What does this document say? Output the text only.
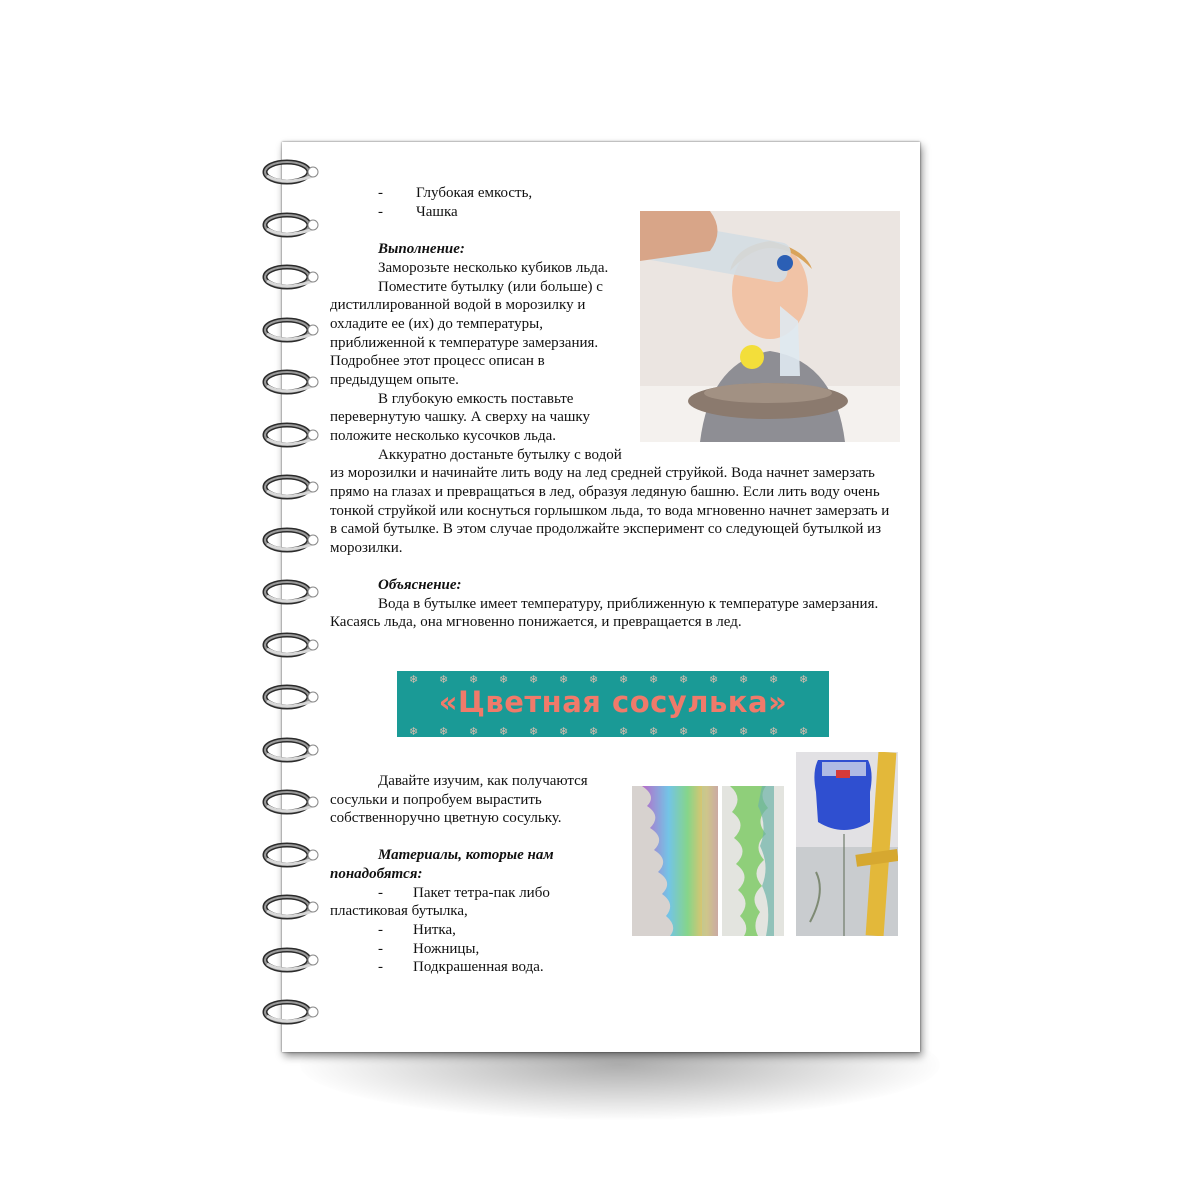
- Глубокая емкость,
- Чашка
Выполнение:
Заморозьте несколько кубиков льда.
Поместите бутылку (или больше) с
дистиллированной водой в морозилку и
охладите ее (их) до температуры,
приближенной к температуре замерзания.
Подробнее этот процесс описан в
предыдущем опыте.
В глубокую емкость поставьте
перевернутую чашку. А сверху на чашку
положите несколько кусочков льда.
Аккуратно достаньте бутылку с водой
из морозилки и начинайте лить воду на лед средней струйкой. Вода начнет замерзать
прямо на глазах и превращаться в лед, образуя ледяную башню. Если лить воду очень
тонкой струйкой или коснуться горлышком льда, то вода мгновенно начнет замерзать и
в самой бутылке. В этом случае продолжайте эксперимент со следующей бутылкой из
морозилки.
Объяснение:
Вода в бутылке имеет температуру, приближенную к температуре замерзания.
Касаясь льда, она мгновенно понижается, и превращается в лед.
❄
❄
❄
❄
❄
❄
❄
❄
❄
❄
❄
❄
❄
❄
❄
❄
❄
❄
❄
❄
❄
❄
❄
❄
❄
❄
❄
❄
«Цветная сосулька»
Давайте изучим, как получаются
сосульки и попробуем вырастить
собственноручно цветную сосульку.
Материалы, которые нам
понадобятся:
- Пакет тетра-пак либо
пластиковая бутылка,
- Нитка,
- Ножницы,
- Подкрашенная вода.
